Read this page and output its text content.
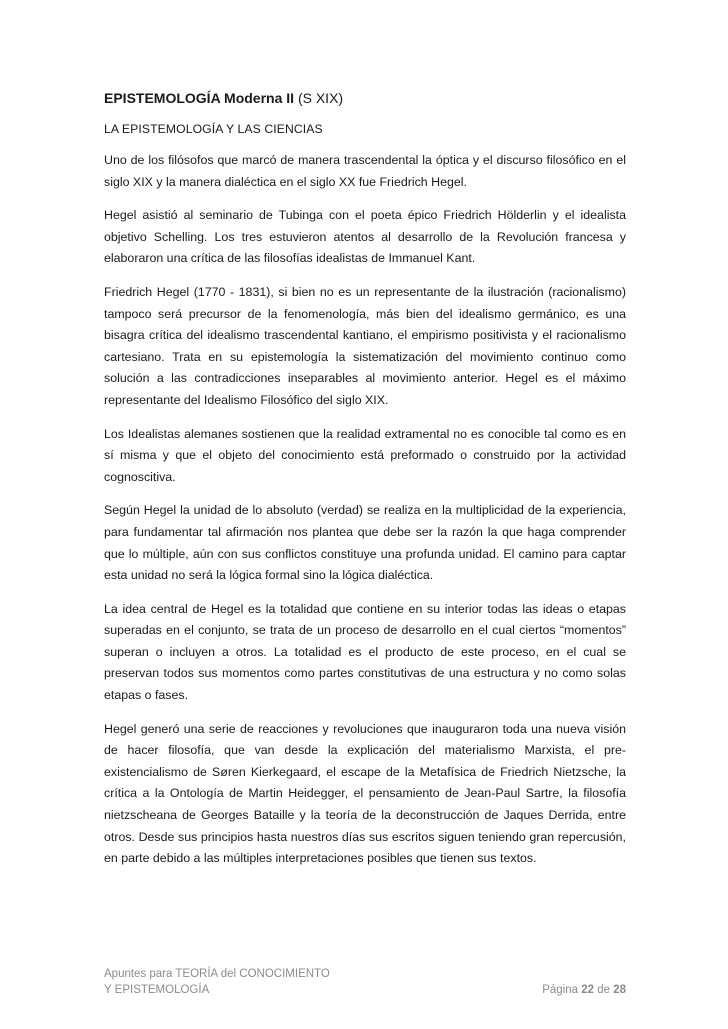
EPISTEMOLOGÍA Moderna II (S XIX)
LA EPISTEMOLOGÍA Y LAS CIENCIAS

Uno de los filósofos que marcó de manera trascendental la óptica y el discurso filosófico en el siglo XIX y la manera dialéctica en el siglo XX fue Friedrich Hegel.

Hegel asistió al seminario de Tubinga con el poeta épico Friedrich Hölderlin y el idealista objetivo Schelling. Los tres estuvieron atentos al desarrollo de la Revolución francesa y elaboraron una crítica de las filosofías idealistas de Immanuel Kant.

Friedrich Hegel (1770 - 1831), si bien no es un representante de la ilustración (racionalismo) tampoco será precursor de la fenomenología, más bien del idealismo germánico, es una bisagra crítica del idealismo trascendental kantiano, el empirismo positivista y el racionalismo cartesiano. Trata en su epistemología la sistematización del movimiento continuo como solución a las contradicciones inseparables al movimiento anterior. Hegel es el máximo representante del Idealismo Filosófico del siglo XIX.

Los Idealistas alemanes sostienen que la realidad extramental no es conocible tal como es en sí misma y que el objeto del conocimiento está preformado o construido por la actividad cognoscitiva.

Según Hegel la unidad de lo absoluto (verdad) se realiza en la multiplicidad de la experiencia, para fundamentar tal afirmación nos plantea que debe ser la razón la que haga comprender que lo múltiple, aún con sus conflictos constituye una profunda unidad. El camino para captar esta unidad no será la lógica formal sino la lógica dialéctica.

La idea central de Hegel es la totalidad que contiene en su interior todas las ideas o etapas superadas en el conjunto, se trata de un proceso de desarrollo en el cual ciertos “momentos” superan o incluyen a otros. La totalidad es el producto de este proceso, en el cual se preservan todos sus momentos como partes constitutivas de una estructura y no como solas etapas o fases.

Hegel generó una serie de reacciones y revoluciones que inauguraron toda una nueva visión de hacer filosofía, que van desde la explicación del materialismo Marxista, el pre-existencialismo de Søren Kierkegaard, el escape de la Metafísica de Friedrich Nietzsche, la crítica a la Ontología de Martin Heidegger, el pensamiento de Jean-Paul Sartre, la filosofía nietzscheana de Georges Bataille y la teoría de la deconstrucción de Jaques Derrida, entre otros. Desde sus principios hasta nuestros días sus escritos siguen teniendo gran repercusión, en parte debido a las múltiples interpretaciones posibles que tienen sus textos.

Apuntes para TEORÍA del CONOCIMIENTO
Y EPISTEMOLOGÍA	Página 22 de 28
